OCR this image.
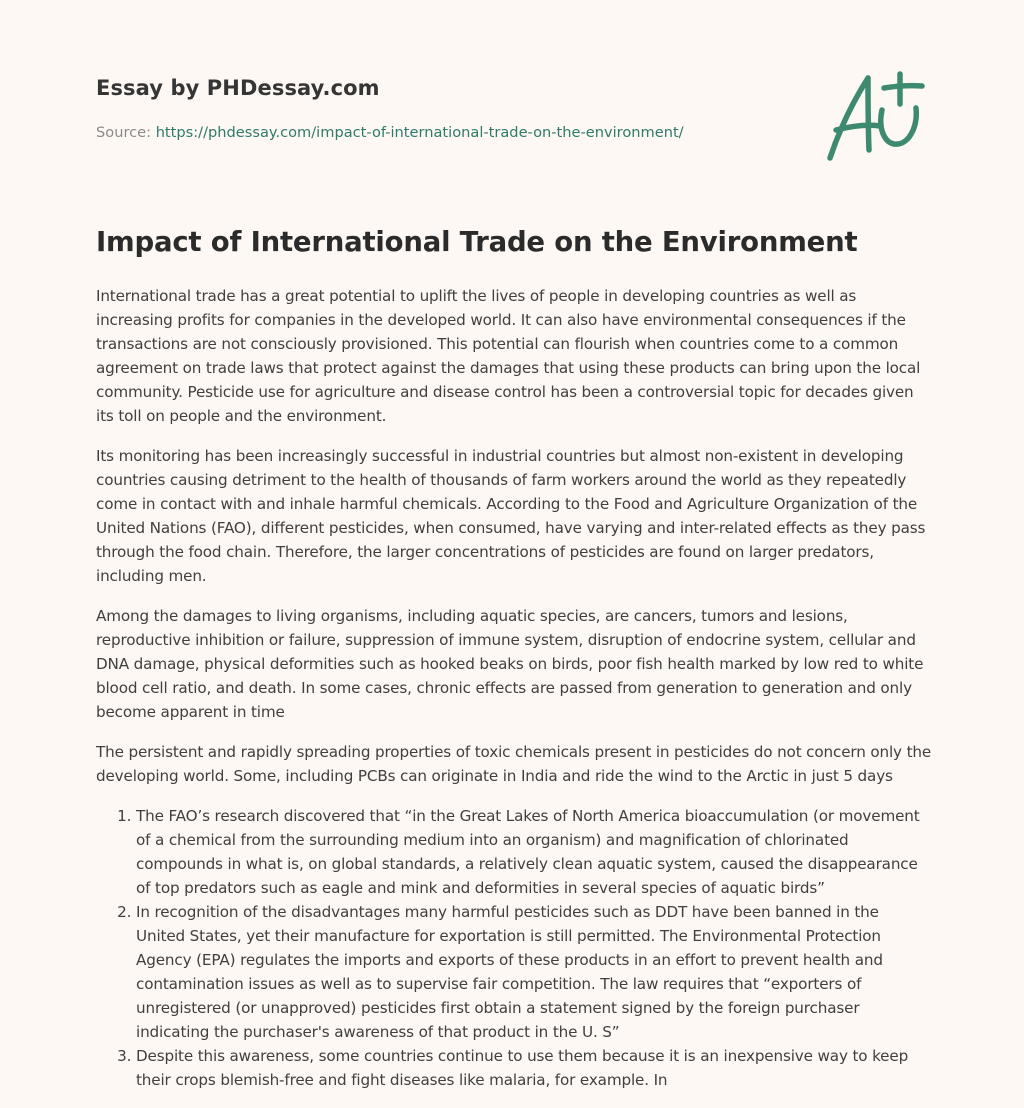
Essay by PHDessay.com
Source: https://phdessay.com/impact-of-international-trade-on-the-environment/
Impact of International Trade on the Environment

International trade has a great potential to uplift the lives of people in developing countries as well as increasing profits for companies in the developed world. It can also have environmental consequences if the transactions are not consciously provisioned. This potential can flourish when countries come to a common agreement on trade laws that protect against the damages that using these products can bring upon the local community. Pesticide use for agriculture and disease control has been a controversial topic for decades given its toll on people and the environment.

Its monitoring has been increasingly successful in industrial countries but almost non-existent in developing countries causing detriment to the health of thousands of farm workers around the world as they repeatedly come in contact with and inhale harmful chemicals. According to the Food and Agriculture Organization of the United Nations (FAO), different pesticides, when consumed, have varying and inter-related effects as they pass through the food chain. Therefore, the larger concentrations of pesticides are found on larger predators, including men.

Among the damages to living organisms, including aquatic species, are cancers, tumors and lesions, reproductive inhibition or failure, suppression of immune system, disruption of endocrine system, cellular and DNA damage, physical deformities such as hooked beaks on birds, poor fish health marked by low red to white blood cell ratio, and death. In some cases, chronic effects are passed from generation to generation and only become apparent in time

The persistent and rapidly spreading properties of toxic chemicals present in pesticides do not concern only the developing world. Some, including PCBs can originate in India and ride the wind to the Arctic in just 5 days

1. The FAO’s research discovered that “in the Great Lakes of North America bioaccumulation (or movement of a chemical from the surrounding medium into an organism) and magnification of chlorinated compounds in what is, on global standards, a relatively clean aquatic system, caused the disappearance of top predators such as eagle and mink and deformities in several species of aquatic birds”
2. In recognition of the disadvantages many harmful pesticides such as DDT have been banned in the United States, yet their manufacture for exportation is still permitted. The Environmental Protection Agency (EPA) regulates the imports and exports of these products in an effort to prevent health and contamination issues as well as to supervise fair competition. The law requires that “exporters of unregistered (or unapproved) pesticides first obtain a statement signed by the foreign purchaser indicating the purchaser's awareness of that product in the U. S”
3. Despite this awareness, some countries continue to use them because it is an inexpensive way to keep their crops blemish-free and fight diseases like malaria, for example. In
